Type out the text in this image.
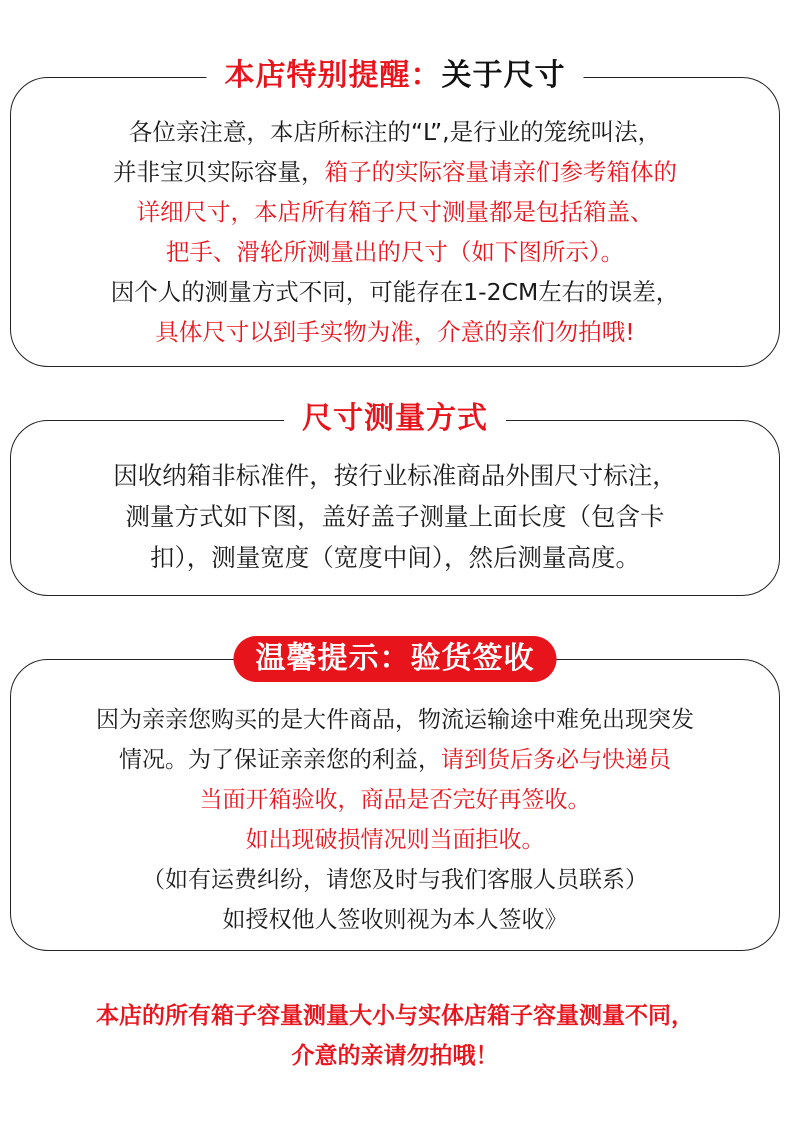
本店特别提醒：关于尺寸
各位亲注意，本店所标注的“L”,是行业的笼统叫法，
并非宝贝实际容量，箱子的实际容量请亲们参考箱体的
详细尺寸，本店所有箱子尺寸测量都是包括箱盖、
把手、滑轮所测量出的尺寸（如下图所示）。
因个人的测量方式不同，可能存在1-2CM左右的误差，
具体尺寸以到手实物为准，介意的亲们勿拍哦!
尺寸测量方式
因收纳箱非标准件，按行业标准商品外围尺寸标注，
测量方式如下图，盖好盖子测量上面长度（包含卡
扣），测量宽度（宽度中间），然后测量高度。
温馨提示：验货签收
因为亲亲您购买的是大件商品，物流运输途中难免出现突发
情况。为了保证亲亲您的利益，请到货后务必与快递员
当面开箱验收，商品是否完好再签收。
如出现破损情况则当面拒收。
（如有运费纠纷，请您及时与我们客服人员联系）
如授权他人签收则视为本人签收》
本店的所有箱子容量测量大小与实体店箱子容量测量不同，
介意的亲请勿拍哦！
